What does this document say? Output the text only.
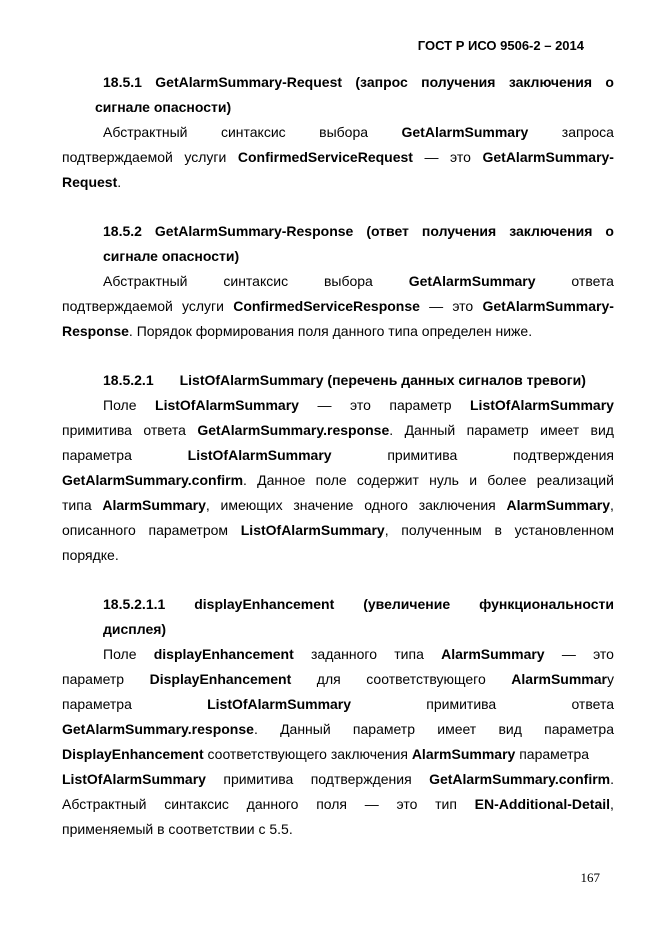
ГОСТ Р ИСО 9506-2 – 2014
18.5.1 GetAlarmSummary-Request (запрос получения заключения о
сигнале опасности)
Абстрактный синтаксис выбора GetAlarmSummary запроса
подтверждаемой услуги ConfirmedServiceRequest — это GetAlarmSummary-
Request .
18.5.2 GetAlarmSummary-Response (ответ получения заключения о
сигнале опасности)
Абстрактный	синтаксис	выбора	GetAlarmSummary	ответа
подтверждаемой услуги ConfirmedServiceResponse — это GetAlarmSummary-
Response . Порядок формирования поля данного типа определен ниже.
18.5.2.1 ListOfAlarmSummary (перечень данных сигналов тревоги)
Поле ListOfAlarmSummary — это параметр ListOfAlarmSummary
примитива ответа GetAlarmSummary.response. Данный параметр имеет вид
параметра	ListOfAlarmSummary	примитива	подтверждения
GetAlarmSummary.confirm. Данное поле содержит нуль и более реализаций
типа AlarmSummary, имеющих значение одного заключения AlarmSummary,
описанного параметром ListOfAlarmSummary, полученным в установленном
порядке.
18.5.2.1.1 displayEnhancement (увеличение функциональности
дисплея)
Поле displayEnhancement заданного типа AlarmSummary — это
параметр DisplayEnhancement для соответствующего AlarmSummary
параметра	ListOfAlarmSummary	примитива	ответа
GetAlarmSummary.response. Данный параметр имеет вид параметра
DisplayEnhancement соответствующего заключения AlarmSummary параметра
ListOfAlarmSummary примитива подтверждения GetAlarmSummary.confirm.
Абстрактный синтаксис данного поля — это тип EN-Additional-Detail,
применяемый в соответствии с 5.5.
167
